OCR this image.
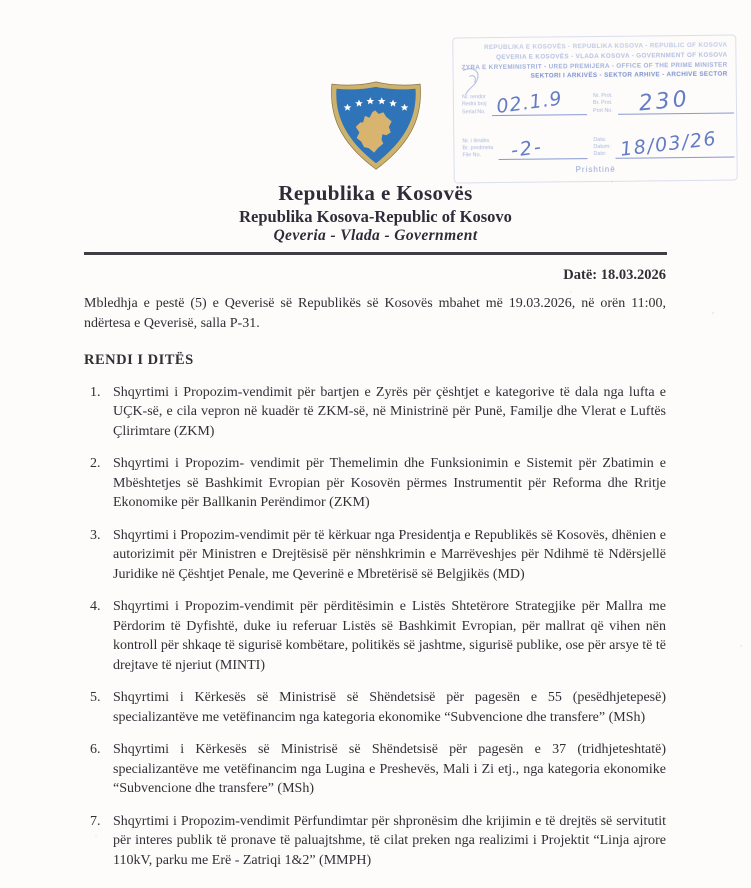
REPUBLIKA E KOSOVËS - REPUBLIKA KOSOVA - REPUBLIC OF KOSOVA
QEVERIA E KOSOVËS - VLADA KOSOVA - GOVERNMENT OF KOSOVA
ZYRA E KRYEMINISTRIT - URED PREMIJERA - OFFICE OF THE PRIME MINISTER
SEKTORI I ARKIVËS - SEKTOR ARHIVE - ARCHIVE SECTOR
Nr. rendor
Redni broj
Serial No. 02.1.9	Nr. Prot.
Br. Prot.
Prot No. 230
Nr. i lëndës
Br. predmeta
File No.	-2-	Data:
Datum:
Date: 18/03/26
Prishtinë
Republika e Kosovës
Republika Kosova-Republic of Kosovo
Qeveria - Vlada - Government
Datë: 18.03.2026
Mbledhja e pestë (5) e Qeverisë së Republikës së Kosovës mbahet më 19.03.2026, në orën 11:00, ndërtesa e Qeverisë, salla P-31.
RENDI I DITËS
1. Shqyrtimi i Propozim-vendimit për bartjen e Zyrës për çështjet e kategorive të dala nga lufta e UÇK-së, e cila vepron në kuadër të ZKM-së, në Ministrinë për Punë, Familje dhe Vlerat e Luftës Çlirimtare (ZKM)
2. Shqyrtimi i Propozim- vendimit për Themelimin dhe Funksionimin e Sistemit për Zbatimin e Mbështetjes së Bashkimit Evropian për Kosovën përmes Instrumentit për Reforma dhe Rritje Ekonomike për Ballkanin Perëndimor (ZKM)
3. Shqyrtimi i Propozim-vendimit për të kërkuar nga Presidentja e Republikës së Kosovës, dhënien e autorizimit për Ministren e Drejtësisë për nënshkrimin e Marrëveshjes për Ndihmë të Ndërsjellë Juridike në Çështjet Penale, me Qeverinë e Mbretërisë së Belgjikës (MD)
4. Shqyrtimi i Propozim-vendimit për përditësimin e Listës Shtetërore Strategjike për Mallra me Përdorim të Dyfishtë, duke iu referuar Listës së Bashkimit Evropian, për mallrat që vihen nën kontroll për shkaqe të sigurisë kombëtare, politikës së jashtme, sigurisë publike, ose për arsye të të drejtave të njeriut (MINTI)
5. Shqyrtimi i Kërkesës së Ministrisë së Shëndetsisë për pagesën e 55 (pesëdhjetepesë) specializantëve me vetëfinancim nga kategoria ekonomike “Subvencione dhe transfere” (MSh)
6. Shqyrtimi i Kërkesës së Ministrisë së Shëndetsisë për pagesën e 37 (tridhjeteshtatë) specializantëve me vetëfinancim nga Lugina e Preshevës, Mali i Zi etj., nga kategoria ekonomike “Subvencione dhe transfere” (MSh)
7. Shqyrtimi i Propozim-vendimit Përfundimtar për shpronësim dhe krijimin e të drejtës së servitutit për interes publik të pronave të paluajtshme, të cilat preken nga realizimi i Projektit “Linja ajrore 110kV, parku me Erë - Zatriqi 1&2” (MMPH)
